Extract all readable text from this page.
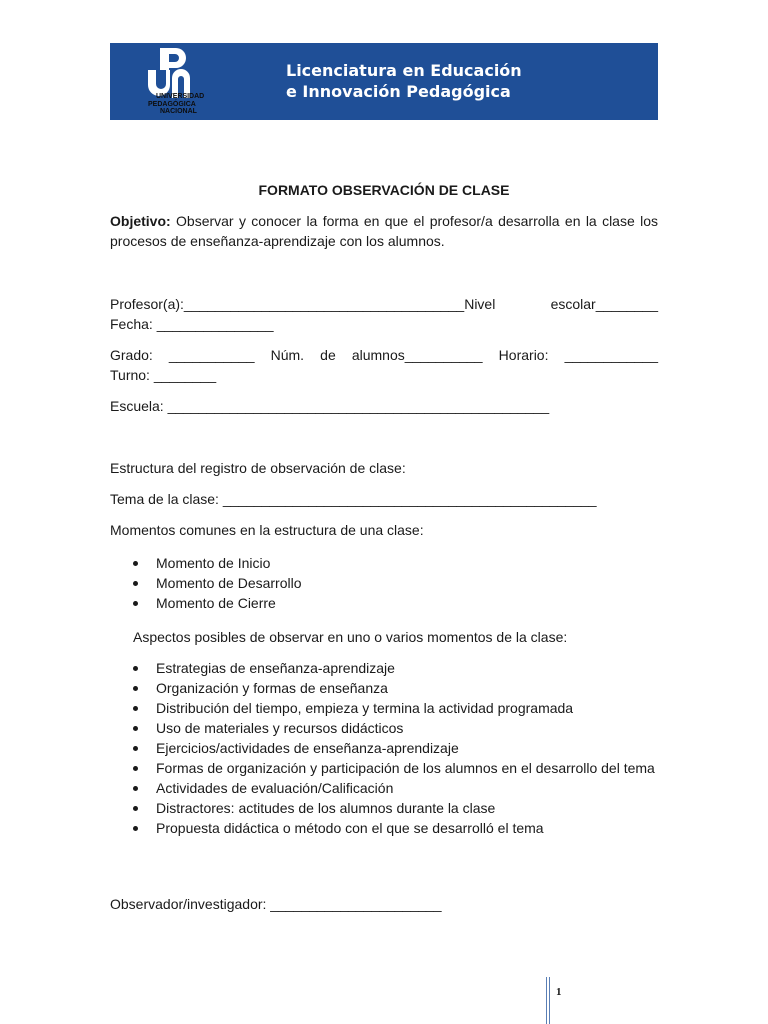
UNIVERSIDAD
PEDAGÓGICA
NACIONAL
Licenciatura en Educación
e Innovación Pedagógica
FORMATO OBSERVACIÓN DE CLASE
Objetivo: Observar y conocer la forma en que el profesor/a desarrolla en la clase los procesos de enseñanza-aprendizaje con los alumnos.
Profesor(a):____________________________________Nivel escolar________
Fecha: _______________
Grado: ___________ Núm. de alumnos__________ Horario: ____________
Turno: ________
Escuela: _________________________________________________
Estructura del registro de observación de clase:
Tema de la clase: ________________________________________________
Momentos comunes en la estructura de una clase:
Momento de Inicio
Momento de Desarrollo
Momento de Cierre
Aspectos posibles de observar en uno o varios momentos de la clase:
Estrategias de enseñanza-aprendizaje
Organización y formas de enseñanza
Distribución del tiempo, empieza y termina la actividad programada
Uso de materiales y recursos didácticos
Ejercicios/actividades de enseñanza-aprendizaje
Formas de organización y participación de los alumnos en el desarrollo del tema
Actividades de evaluación/Calificación
Distractores: actitudes de los alumnos durante la clase
Propuesta didáctica o método con el que se desarrolló el tema
Observador/investigador: ______________________
1
